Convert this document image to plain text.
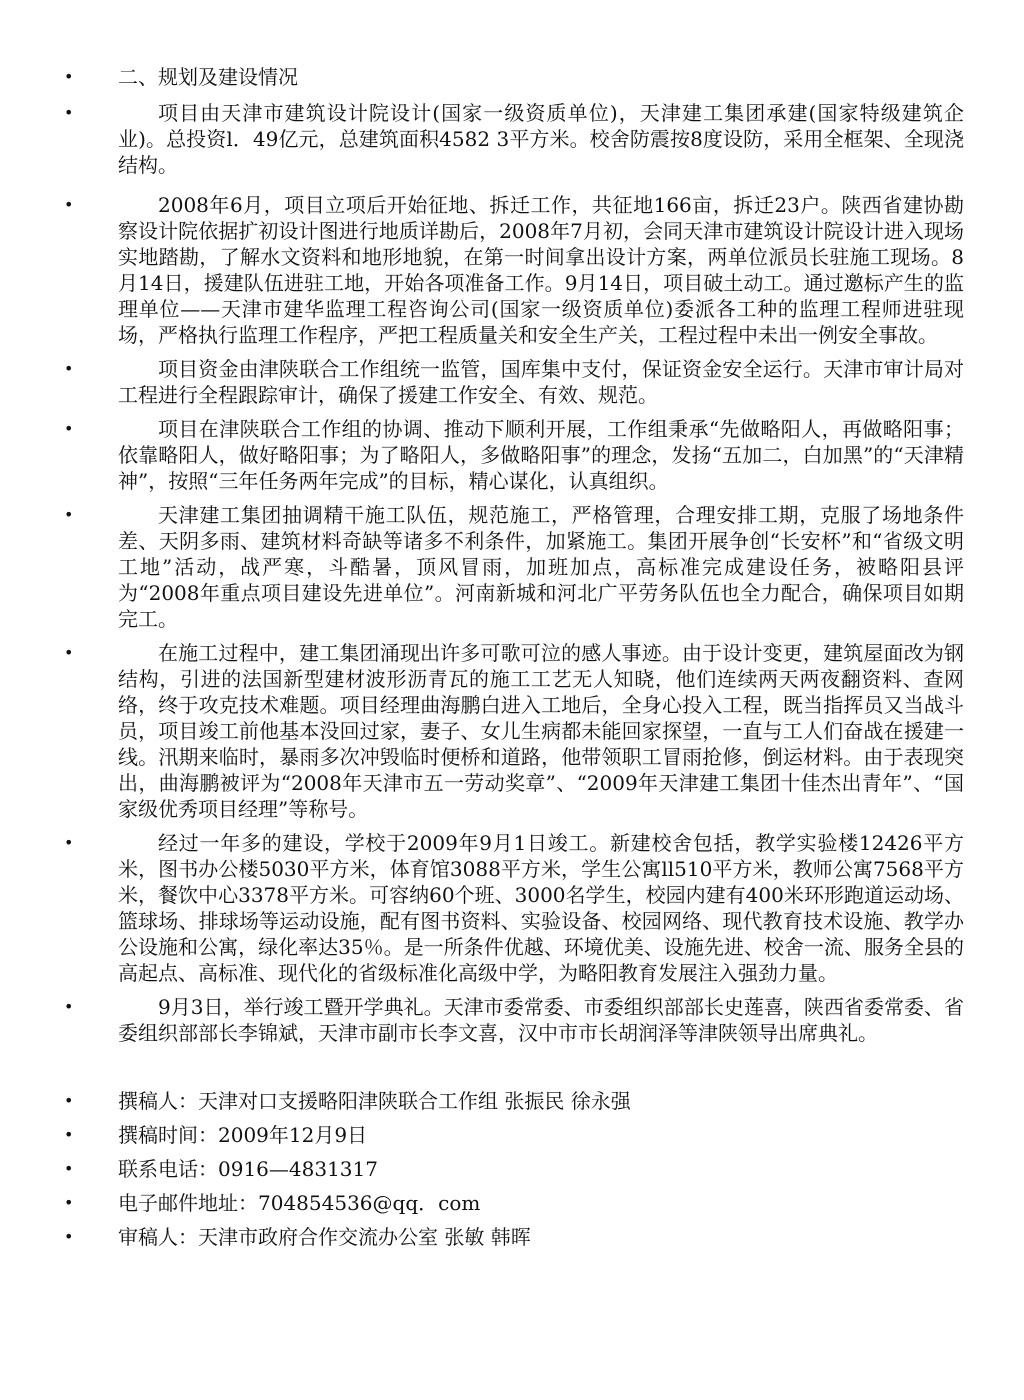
• 二、规划及建设情况
•	项目由天津市建筑设计院设计(国家一级资质单位)，天津建工集团承建(国家特级建筑企业)。总投资l．49亿元，总建筑面积4582 3平方米。校舍防震按8度设防，采用全框架、全现浇结构。
•	2008年6月，项目立项后开始征地、拆迁工作，共征地166亩，拆迁23户。陕西省建协勘察设计院依据扩初设计图进行地质详勘后，2008年7月初，会同天津市建筑设计院设计进入现场实地踏勘，了解水文资料和地形地貌，在第一时间拿出设计方案，两单位派员长驻施工现场。8月14日，援建队伍进驻工地，开始各项准备工作。9月14日，项目破土动工。通过邀标产生的监理单位——天津市建华监理工程咨询公司(国家一级资质单位)委派各工种的监理工程师进驻现场，严格执行监理工作程序，严把工程质量关和安全生产关，工程过程中未出一例安全事故。
•	项目资金由津陕联合工作组统一监管，国库集中支付，保证资金安全运行。天津市审计局对工程进行全程跟踪审计，确保了援建工作安全、有效、规范。
•	项目在津陕联合工作组的协调、推动下顺利开展，工作组秉承“先做略阳人，再做略阳事；依靠略阳人，做好略阳事；为了略阳人，多做略阳事”的理念，发扬“五加二，白加黑”的“天津精神”，按照“三年任务两年完成”的目标，精心谋化，认真组织。
•	天津建工集团抽调精干施工队伍，规范施工，严格管理，合理安排工期，克服了场地条件差、天阴多雨、建筑材料奇缺等诸多不利条件，加紧施工。集团开展争创“长安杯”和“省级文明工地”活动，战严寒，斗酷暑，顶风冒雨，加班加点，高标准完成建设任务，被略阳县评为“2008年重点项目建设先进单位”。河南新城和河北广平劳务队伍也全力配合，确保项目如期完工。
•	在施工过程中，建工集团涌现出许多可歌可泣的感人事迹。由于设计变更，建筑屋面改为钢结构，引进的法国新型建材波形沥青瓦的施工工艺无人知晓，他们连续两天两夜翻资料、查网络，终于攻克技术难题。项目经理曲海鹏白进入工地后，全身心投入工程，既当指挥员又当战斗员，项目竣工前他基本没回过家，妻子、女儿生病都未能回家探望，一直与工人们奋战在援建一线。汛期来临时，暴雨多次冲毁临时便桥和道路，他带领职工冒雨抢修，倒运材料。由于表现突出，曲海鹏被评为“2008年天津市五一劳动奖章”、“2009年天津建工集团十佳杰出青年”、“国家级优秀项目经理”等称号。
•	经过一年多的建设，学校于2009年9月1日竣工。新建校舍包括，教学实验楼12426平方米，图书办公楼5030平方米，体育馆3088平方米，学生公寓ll510平方米，教师公寓7568平方米，餐饮中心3378平方米。可容纳60个班、3000名学生，校园内建有400米环形跑道运动场、篮球场、排球场等运动设施，配有图书资料、实验设备、校园网络、现代教育技术设施、教学办公设施和公寓，绿化率达35％。是一所条件优越、环境优美、设施先进、校舍一流、服务全县的高起点、高标准、现代化的省级标准化高级中学，为略阳教育发展注入强劲力量。
•	9月3日，举行竣工暨开学典礼。天津市委常委、市委组织部部长史莲喜，陕西省委常委、省委组织部部长李锦斌，天津市副市长李文喜，汉中市市长胡润泽等津陕领导出席典礼。
• 撰稿人：天津对口支援略阳津陕联合工作组 张振民 徐永强
• 撰稿时间：2009年12月9日
• 联系电话：0916—4831317
• 电子邮件地址：704854536@qq．com
• 审稿人：天津市政府合作交流办公室 张敏 韩晖
